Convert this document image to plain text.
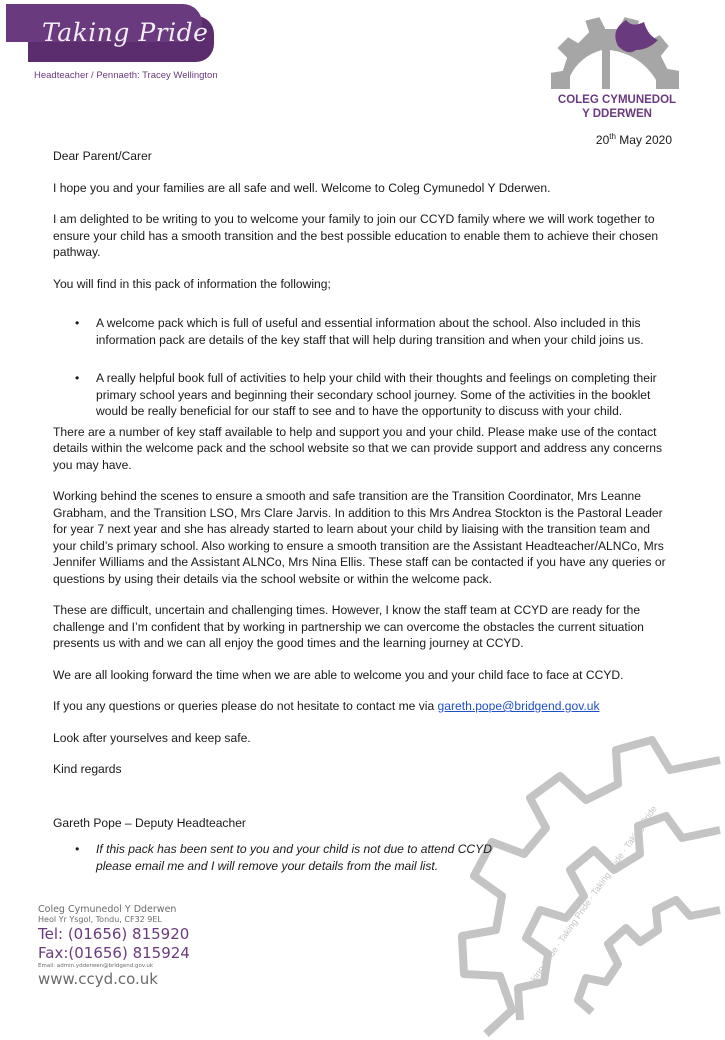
Taking Pride
Headteacher / Pennaeth: Tracey Wellington
COLEG CYMUNEDOL
Y DDERWEN
Taking Pride · Taking Pride · Taking Pride · Taking Pride
20th May 2020

Dear Parent/Carer

I hope you and your families are all safe and well. Welcome to Coleg Cymunedol Y Dderwen.

I am delighted to be writing to you to welcome your family to join our CCYD family where we will work together to ensure your child has a smooth transition and the best possible education to enable them to achieve their chosen pathway.

You will find in this pack of information the following;

• A welcome pack which is full of useful and essential information about the school. Also included in this information pack are details of the key staff that will help during transition and when your child joins us.

• A really helpful book full of activities to help your child with their thoughts and feelings on completing their primary school years and beginning their secondary school journey. Some of the activities in the booklet would be really beneficial for our staff to see and to have the opportunity to discuss with your child.

There are a number of key staff available to help and support you and your child. Please make use of the contact details within the welcome pack and the school website so that we can provide support and address any concerns you may have.

Working behind the scenes to ensure a smooth and safe transition are the Transition Coordinator, Mrs Leanne Grabham, and the Transition LSO, Mrs Clare Jarvis. In addition to this Mrs Andrea Stockton is the Pastoral Leader for year 7 next year and she has already started to learn about your child by liaising with the transition team and your child’s primary school. Also working to ensure a smooth transition are the Assistant Headteacher/ALNCo, Mrs Jennifer Williams and the Assistant ALNCo, Mrs Nina Ellis. These staff can be contacted if you have any queries or questions by using their details via the school website or within the welcome pack.

These are difficult, uncertain and challenging times. However, I know the staff team at CCYD are ready for the challenge and I’m confident that by working in partnership we can overcome the obstacles the current situation presents us with and we can all enjoy the good times and the learning journey at CCYD.

We are all looking forward the time when we are able to welcome you and your child face to face at CCYD.

If you any questions or queries please do not hesitate to contact me via gareth.pope@bridgend.gov.uk

Look after yourselves and keep safe.

Kind regards

Gareth Pope – Deputy Headteacher

• If this pack has been sent to you and your child is not due to attend CCYD please email me and I will remove your details from the mail list.

Coleg Cymunedol Y Dderwen
Heol Yr Ysgol, Tondu, CF32 9EL
Tel: (01656) 815920
Fax:(01656) 815924
Email: admin.ydderwen@bridgend.gov.uk
www.ccyd.co.uk
